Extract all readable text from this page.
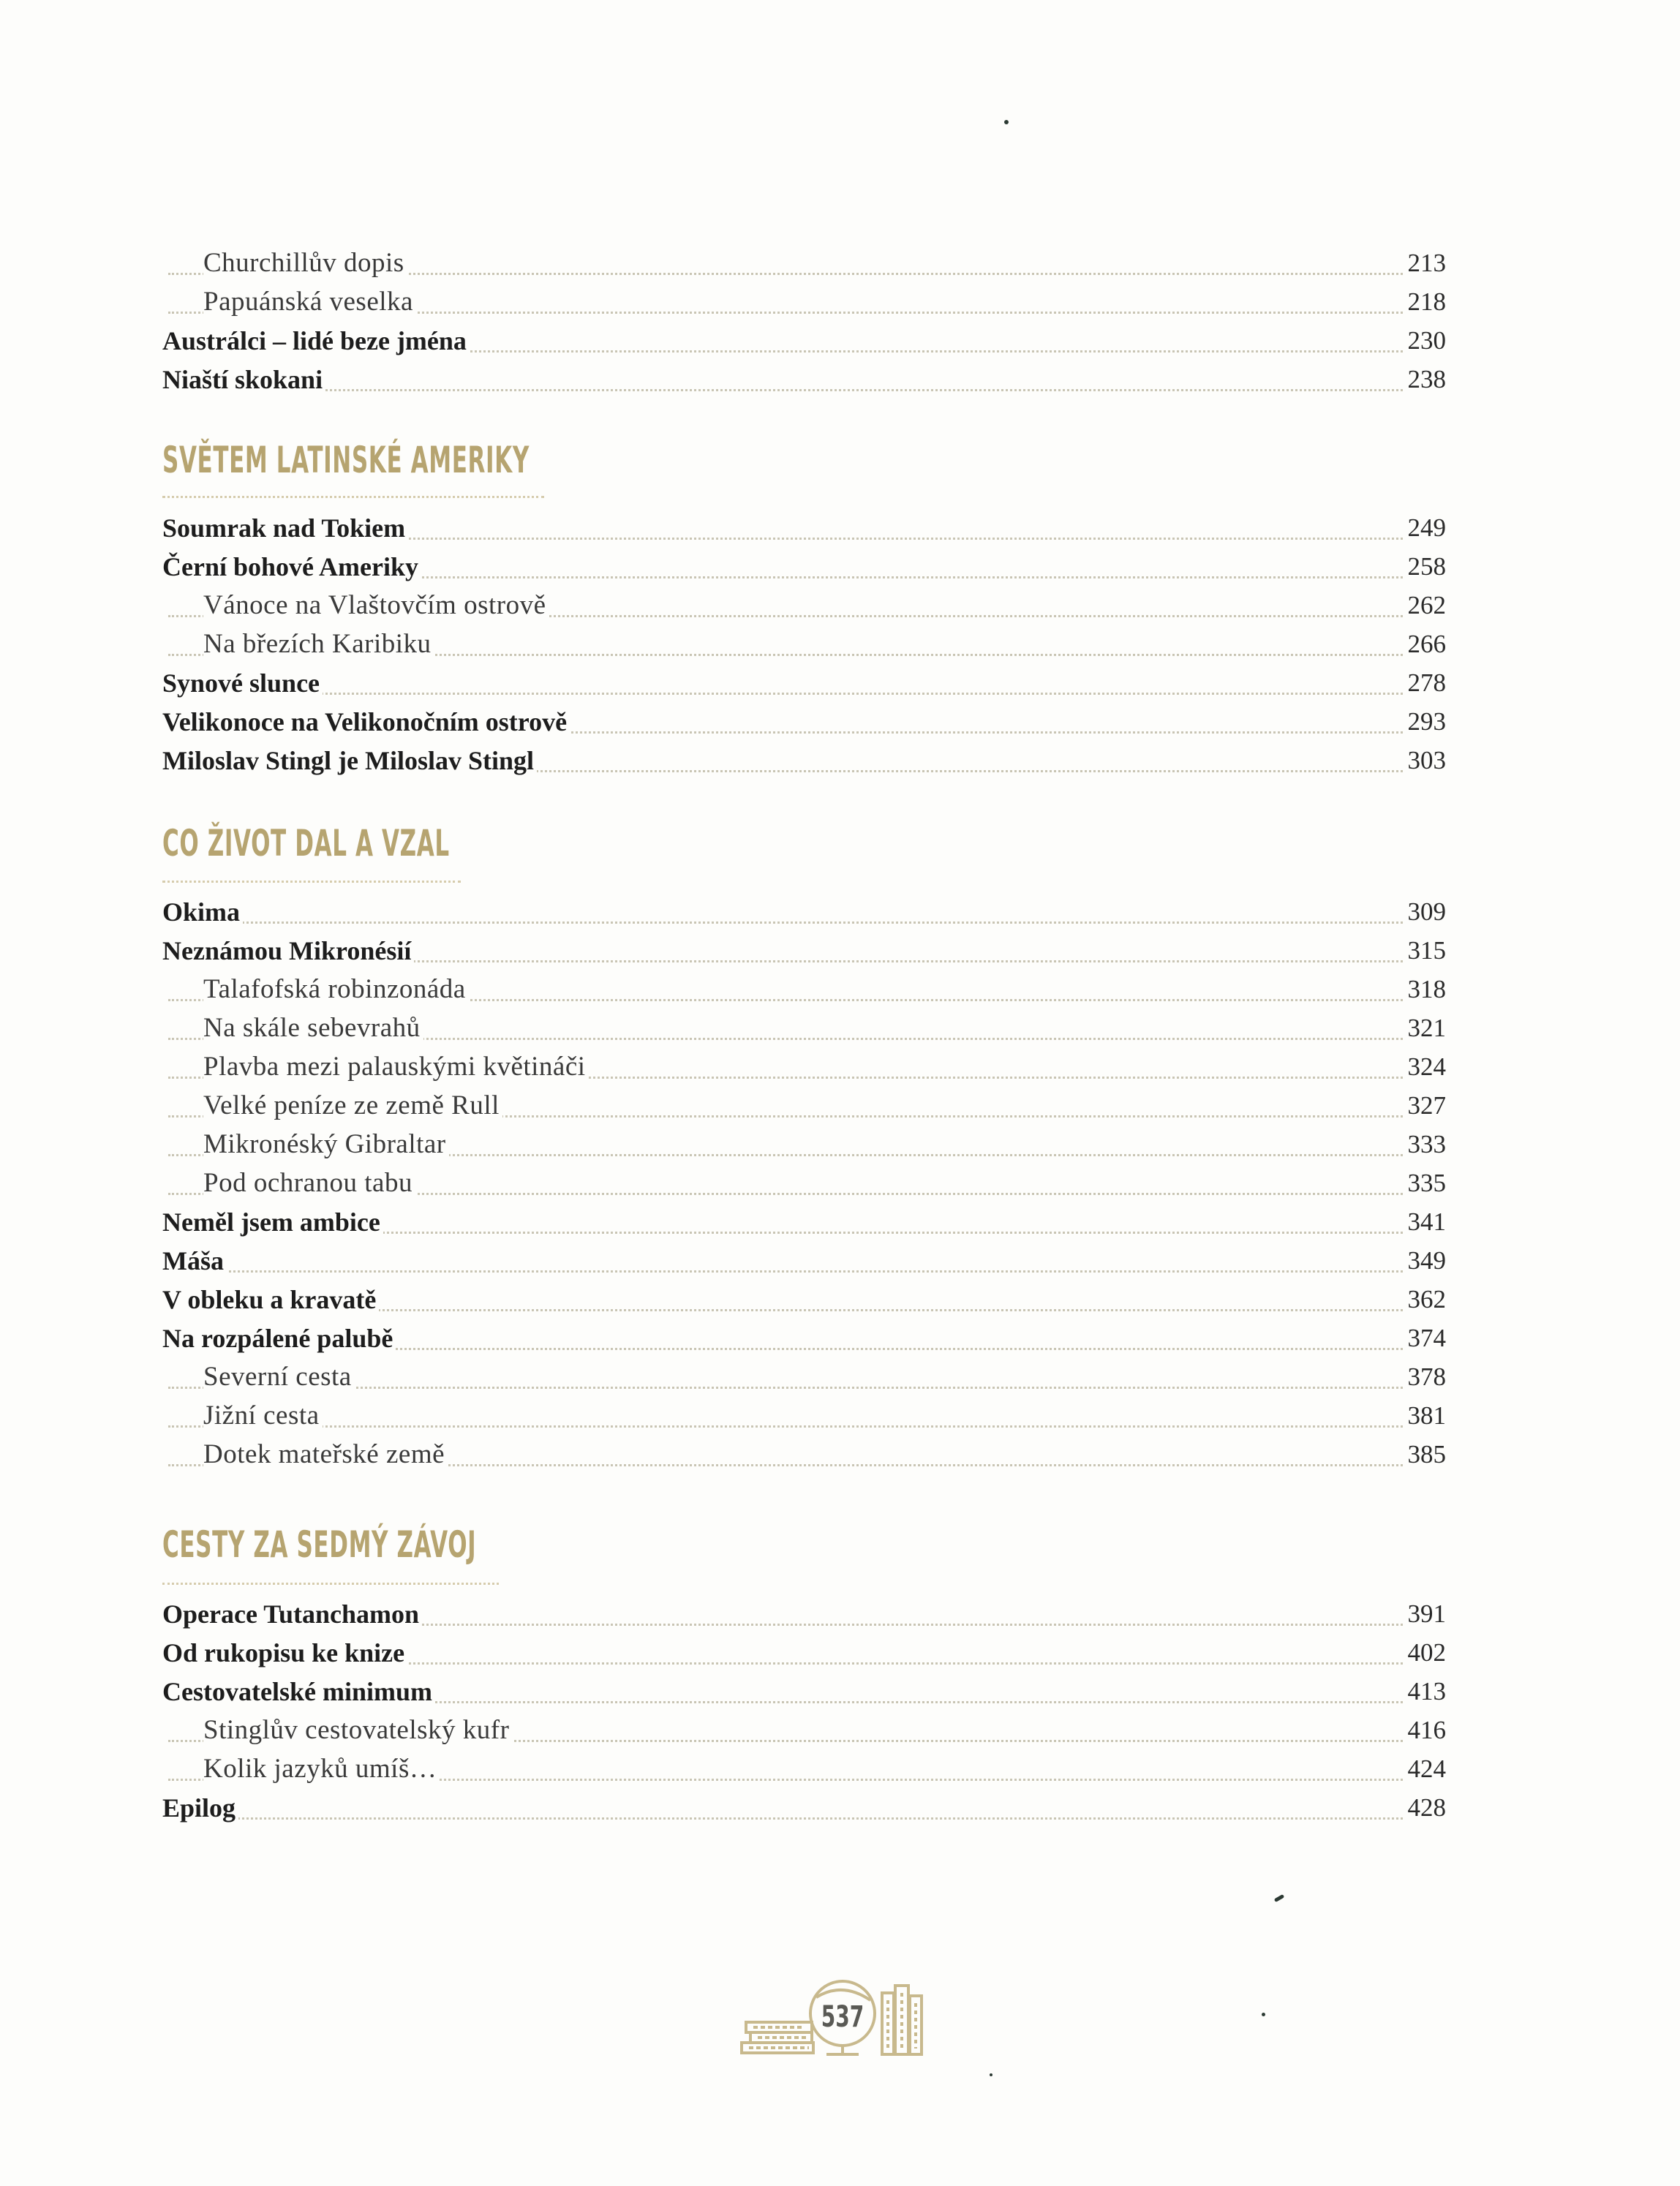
Churchillův dopis	213
Papuánská veselka	218
Austrálci – lidé beze jména	230
Niaští skokani	238
SVĚTEM LATINSKÉ AMERIKY
Soumrak nad Tokiem	249
Černí bohové Ameriky	258
Vánoce na Vlaštovčím ostrově	262
Na březích Karibiku	266
Synové slunce	278
Velikonoce na Velikonočním ostrově	293
Miloslav Stingl je Miloslav Stingl	303
CO ŽIVOT DAL A VZAL
Okima	309
Neznámou Mikronésií	315
Talafofská robinzonáda	318
Na skále sebevrahů	321
Plavba mezi palauskými květináči	324
Velké peníze ze země Rull	327
Mikronéský Gibraltar	333
Pod ochranou tabu	335
Neměl jsem ambice	341
Máša	349
V obleku a kravatě	362
Na rozpálené palubě	374
Severní cesta	378
Jižní cesta	381
Dotek mateřské země	385
CESTY ZA SEDMÝ ZÁVOJ
Operace Tutanchamon	391
Od rukopisu ke knize	402
Cestovatelské minimum	413
Stinglův cestovatelský kufr	416
Kolik jazyků umíš…	424
Epilog	428
537
